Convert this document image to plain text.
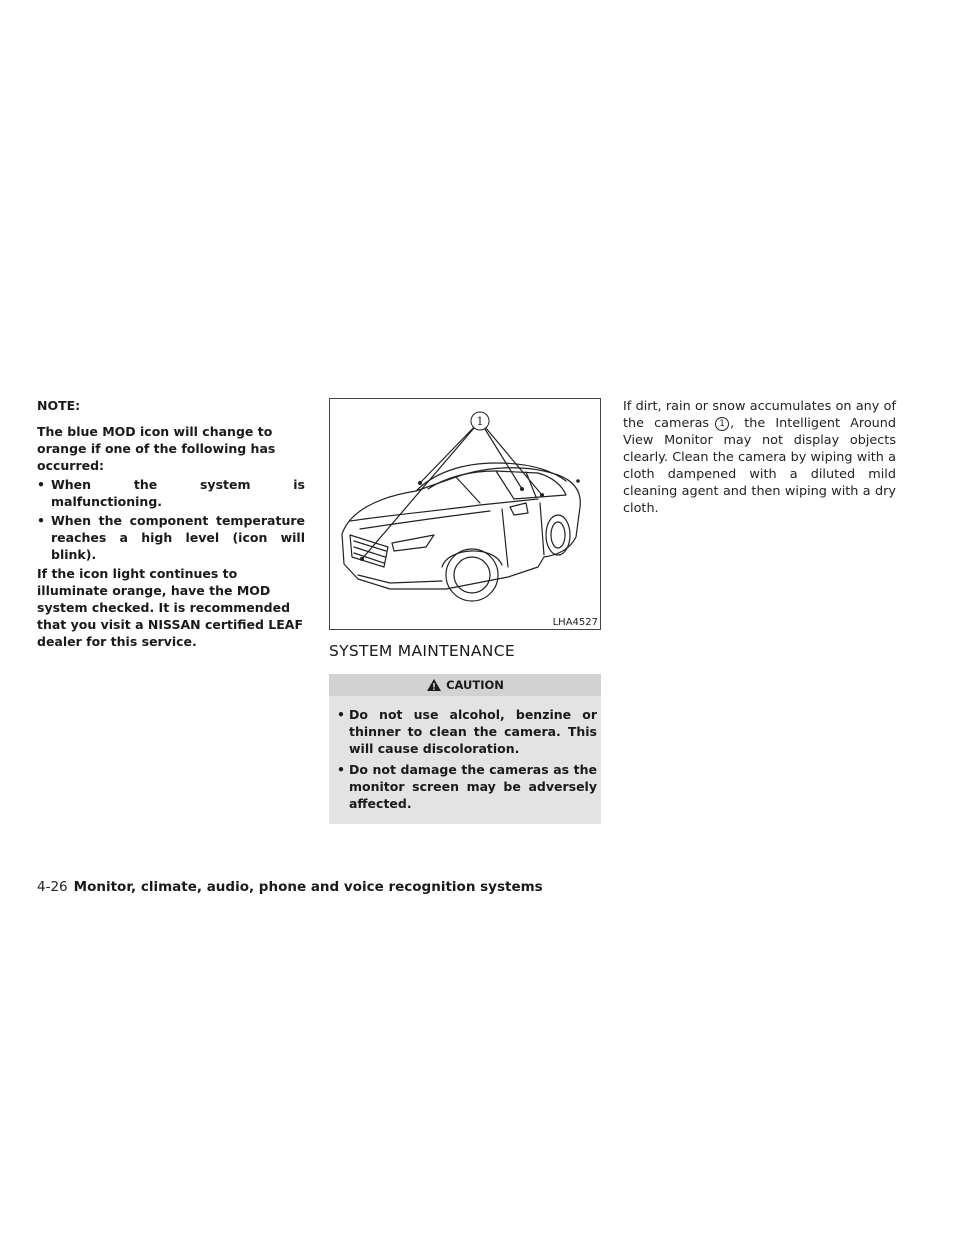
NOTE:

The blue MOD icon will change to orange if one of the following has occurred:

• When the system is malfunctioning.
• When the component temperature reaches a high level (icon will blink).

If the icon light continues to illuminate orange, have the MOD system checked. It is recommended that you visit a NISSAN certified LEAF dealer for this service.

1
LHA4527
SYSTEM MAINTENANCE
CAUTION
• Do not use alcohol, benzine or thinner to clean the camera. This will cause discoloration.
• Do not damage the cameras as the monitor screen may be adversely affected.

If dirt, rain or snow accumulates on any of the cameras 1 , the Intelligent Around View Monitor may not display objects clearly. Clean the camera by wiping with a cloth dampened with a diluted mild cleaning agent and then wiping with a dry cloth.

4-26 Monitor, climate, audio, phone and voice recognition systems
